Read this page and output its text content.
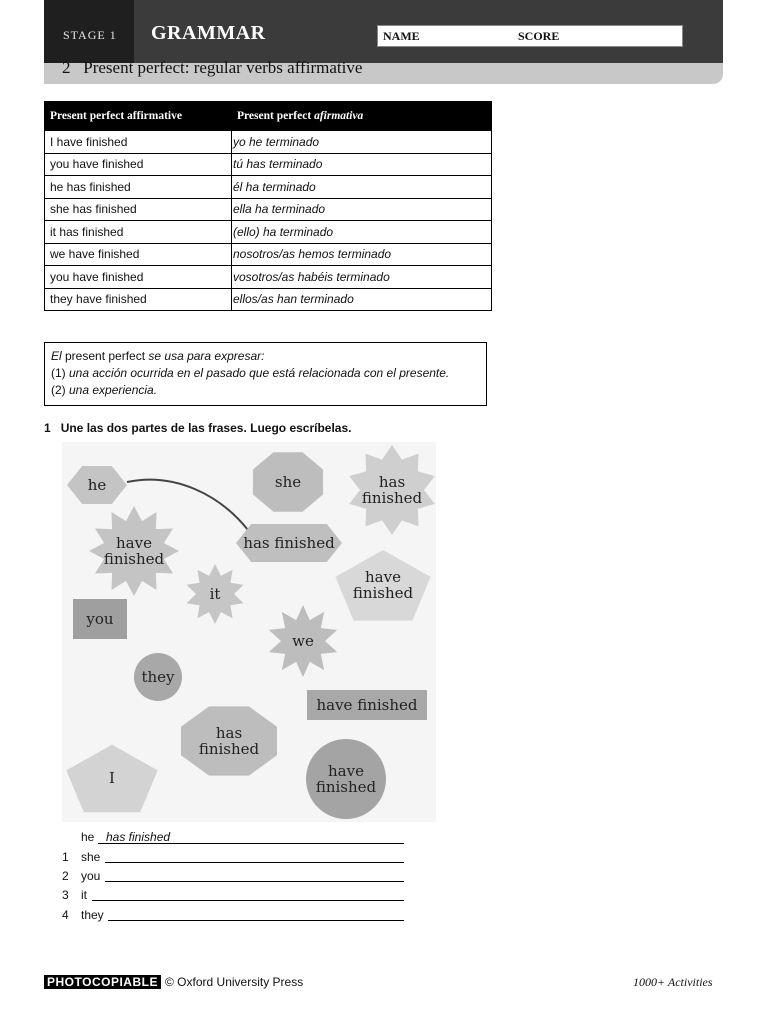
STAGE 1 GRAMMAR	NAME	SCORE
2   Present perfect: regular verbs affirmative
Present perfect affirmative	Present perfect afirmativa
I have finished	yo he terminado
you have finished	tú has terminado
he has finished	él ha terminado
she has finished	ella ha terminado
it has finished	(ello) ha terminado
we have finished	nosotros/as hemos terminado
you have finished	vosotros/as habéis terminado
they have finished	ellos/as han terminado
El present perfect se usa para expresar:
(1) una acción ocurrida en el pasado que está relacionada con el presente.
(2) una experiencia.
1 Une las dos partes de las frases. Luego escríbelas.
he	she	has finished
have finished
has finished
it
have finished
you
we
they
have finished
has finished
I	have finished
he has finished
1 she
2 you
3 it
4 they
PHOTOCOPIABLE © Oxford University Press	1000+ Activities
